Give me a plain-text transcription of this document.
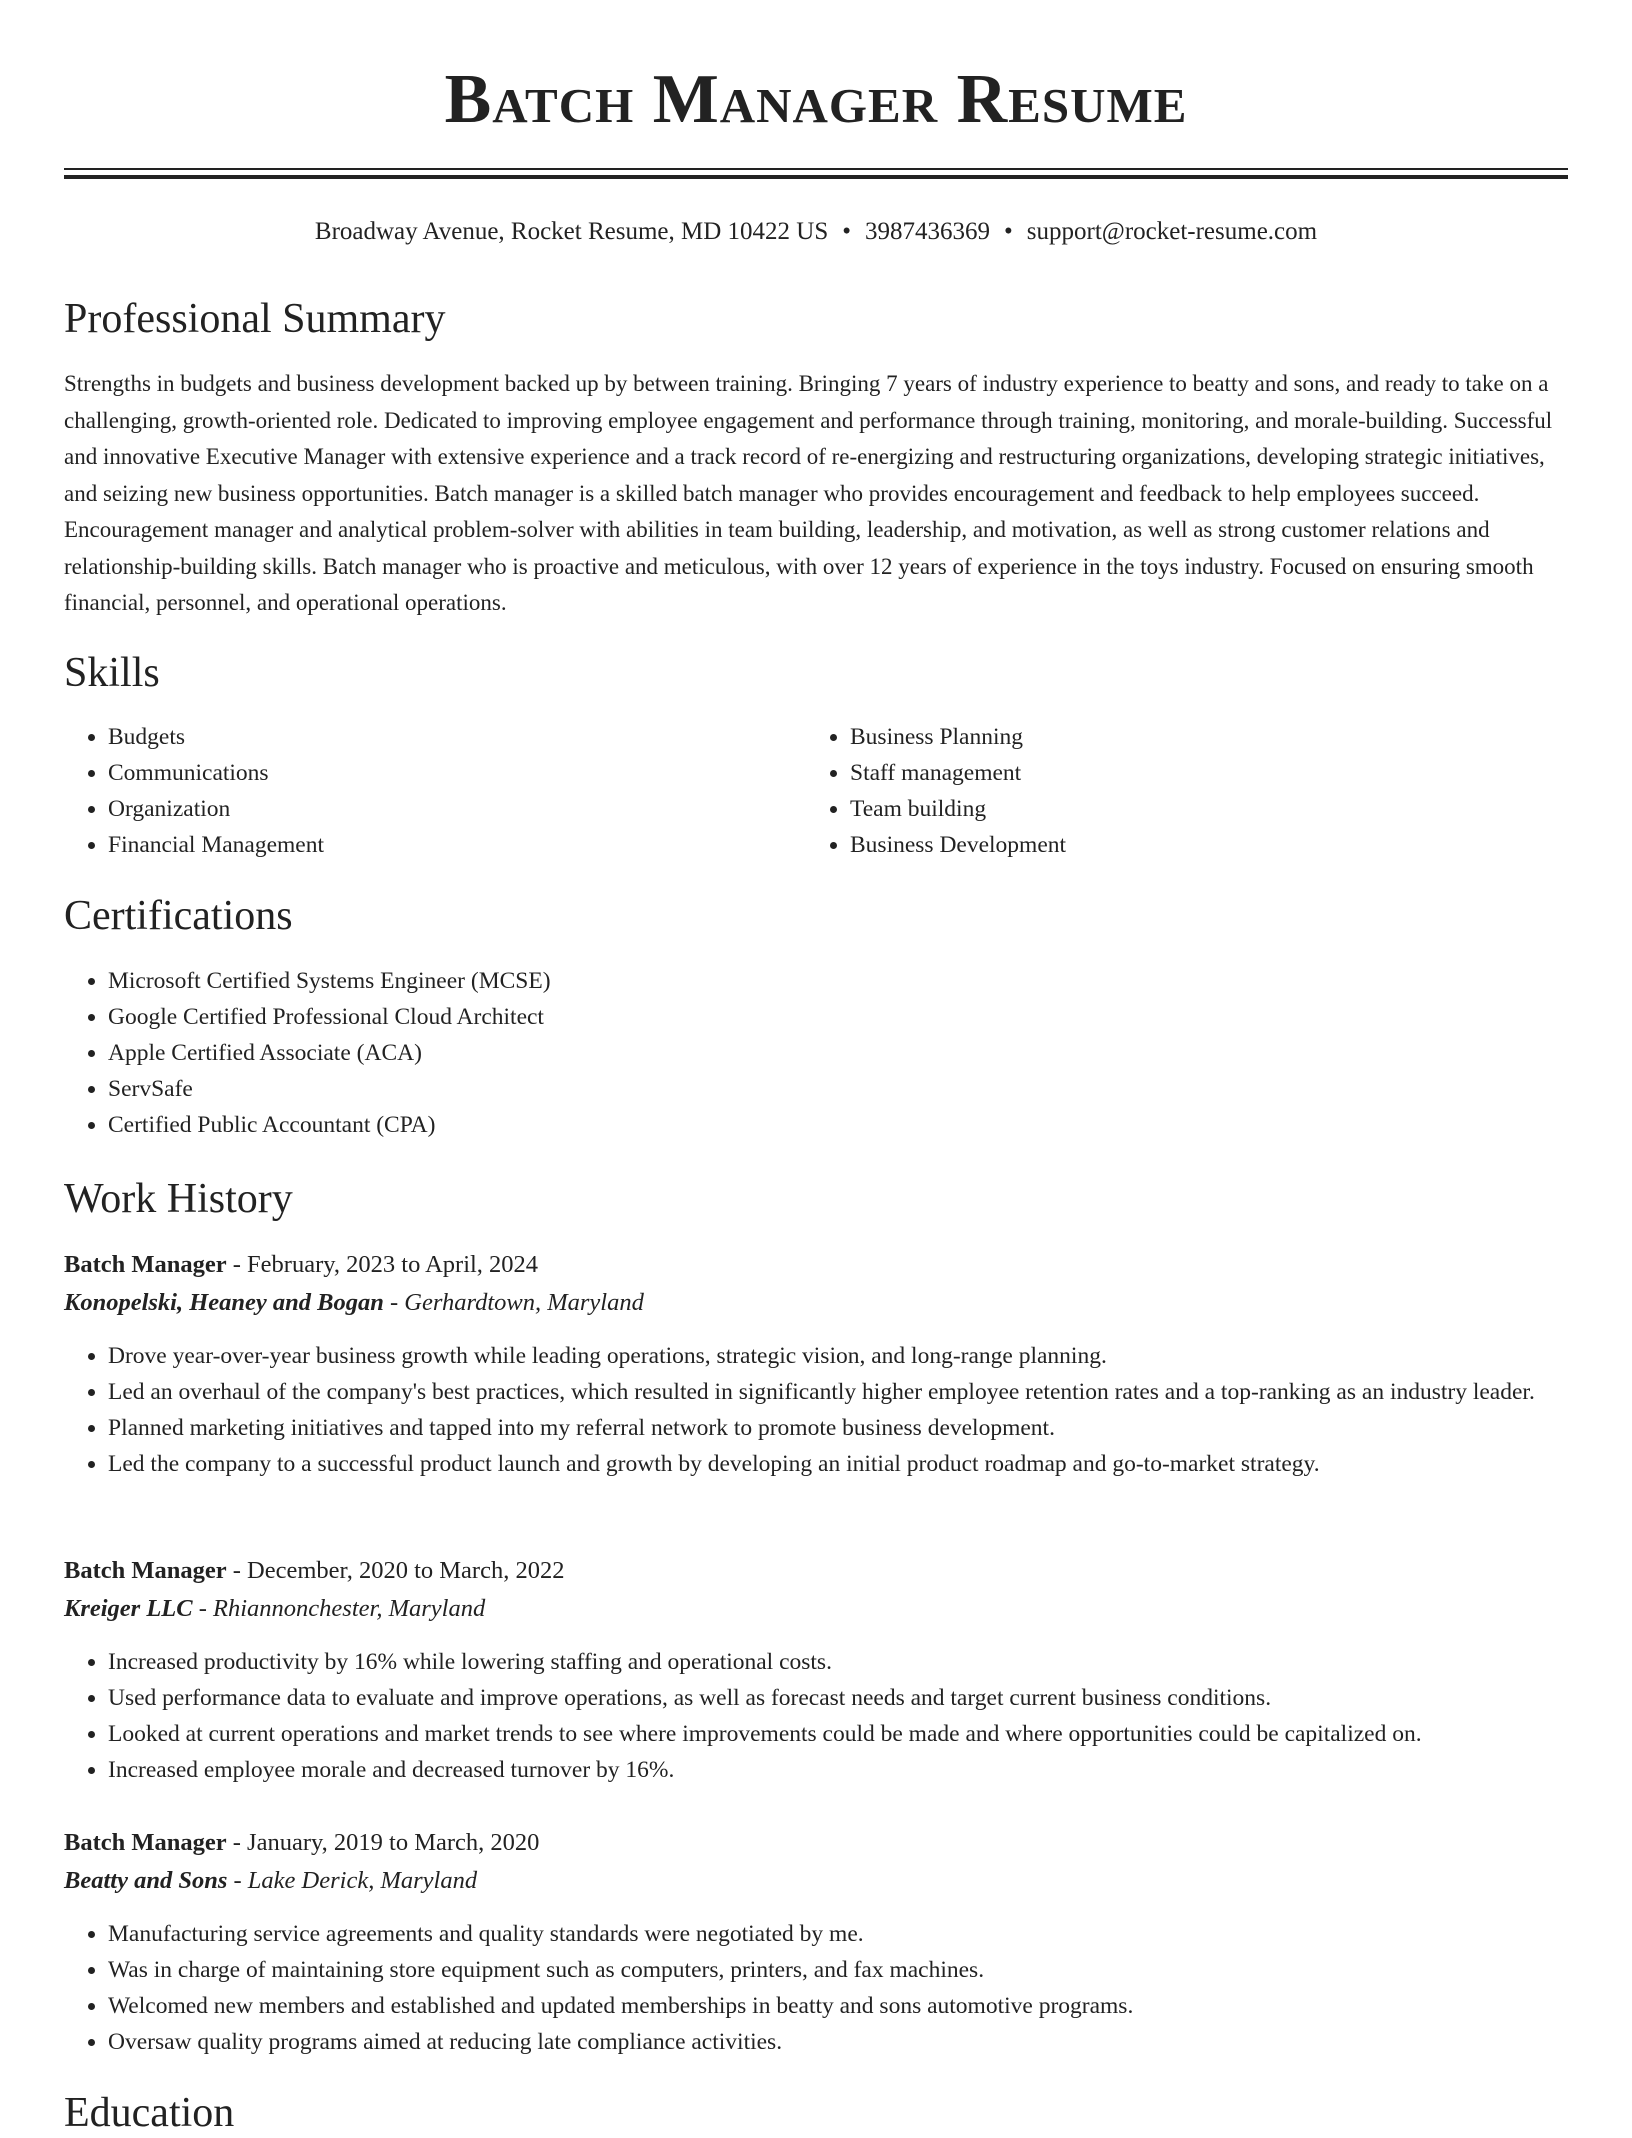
Batch Manager Resume
Broadway Avenue, Rocket Resume, MD 10422 US • 3987436369 • support@rocket-resume.com
Professional Summary

Strengths in budgets and business development backed up by between training. Bringing 7 years of industry experience to beatty and sons, and ready to take on a challenging, growth-oriented role. Dedicated to improving employee engagement and performance through training, monitoring, and morale-building. Successful and innovative Executive Manager with extensive experience and a track record of re-energizing and restructuring organizations, developing strategic initiatives, and seizing new business opportunities. Batch manager is a skilled batch manager who provides encouragement and feedback to help employees succeed. Encouragement manager and analytical problem-solver with abilities in team building, leadership, and motivation, as well as strong customer relations and relationship-building skills. Batch manager who is proactive and meticulous, with over 12 years of experience in the toys industry. Focused on ensuring smooth financial, personnel, and operational operations.

Skills
• Budgets
• Communications
• Organization
• Financial Management
• Business Planning
• Staff management
• Team building
• Business Development
Certifications
• Microsoft Certified Systems Engineer (MCSE)
• Google Certified Professional Cloud Architect
• Apple Certified Associate (ACA)
• ServSafe
• Certified Public Accountant (CPA)
Work History
Batch Manager - February, 2023 to April, 2024
Konopelski, Heaney and Bogan - Gerhardtown, Maryland
• Drove year-over-year business growth while leading operations, strategic vision, and long-range planning.
• Led an overhaul of the company's best practices, which resulted in significantly higher employee retention rates and a top-ranking as an industry leader.
• Planned marketing initiatives and tapped into my referral network to promote business development.
• Led the company to a successful product launch and growth by developing an initial product roadmap and go-to-market strategy.
Batch Manager - December, 2020 to March, 2022
Kreiger LLC - Rhiannonchester, Maryland
• Increased productivity by 16% while lowering staffing and operational costs.
• Used performance data to evaluate and improve operations, as well as forecast needs and target current business conditions.
• Looked at current operations and market trends to see where improvements could be made and where opportunities could be capitalized on.
• Increased employee morale and decreased turnover by 16%.
Batch Manager - January, 2019 to March, 2020
Beatty and Sons - Lake Derick, Maryland
• Manufacturing service agreements and quality standards were negotiated by me.
• Was in charge of maintaining store equipment such as computers, printers, and fax machines.
• Welcomed new members and established and updated memberships in beatty and sons automotive programs.
• Oversaw quality programs aimed at reducing late compliance activities.
Education
